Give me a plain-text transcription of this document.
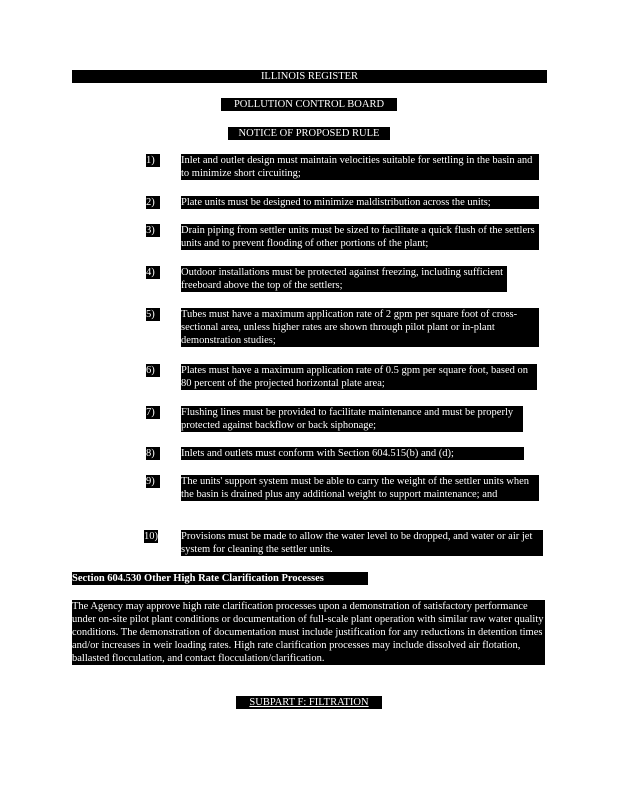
ILLINOIS REGISTER
POLLUTION CONTROL BOARD
NOTICE OF PROPOSED RULE
1)	Inlet and outlet design must maintain velocities suitable for settling in the basin and to minimize short circuiting;
2)	Plate units must be designed to minimize maldistribution across the units;
3)	Drain piping from settler units must be sized to facilitate a quick flush of the settlers units and to prevent flooding of other portions of the plant;
4)	Outdoor installations must be protected against freezing, including sufficient freeboard above the top of the settlers;
5)	Tubes must have a maximum application rate of 2 gpm per square foot of cross-sectional area, unless higher rates are shown through pilot plant or in-plant demonstration studies;
6)	Plates must have a maximum application rate of 0.5 gpm per square foot, based on 80 percent of the projected horizontal plate area;
7)	Flushing lines must be provided to facilitate maintenance and must be properly protected against backflow or back siphonage;
8)	Inlets and outlets must conform with Section 604.515(b) and (d);
9)	The units' support system must be able to carry the weight of the settler units when the basin is drained plus any additional weight to support maintenance; and
10) Provisions must be made to allow the water level to be dropped, and water or air jet system for cleaning the settler units.
Section 604.530 Other High Rate Clarification Processes
The Agency may approve high rate clarification processes upon a demonstration of satisfactory performance under on-site pilot plant conditions or documentation of full-scale plant operation with similar raw water quality conditions. The demonstration of documentation must include justification for any reductions in detention times and/or increases in weir loading rates. High rate clarification processes may include dissolved air flotation, ballasted flocculation, and contact flocculation/clarification.
SUBPART F: FILTRATION
